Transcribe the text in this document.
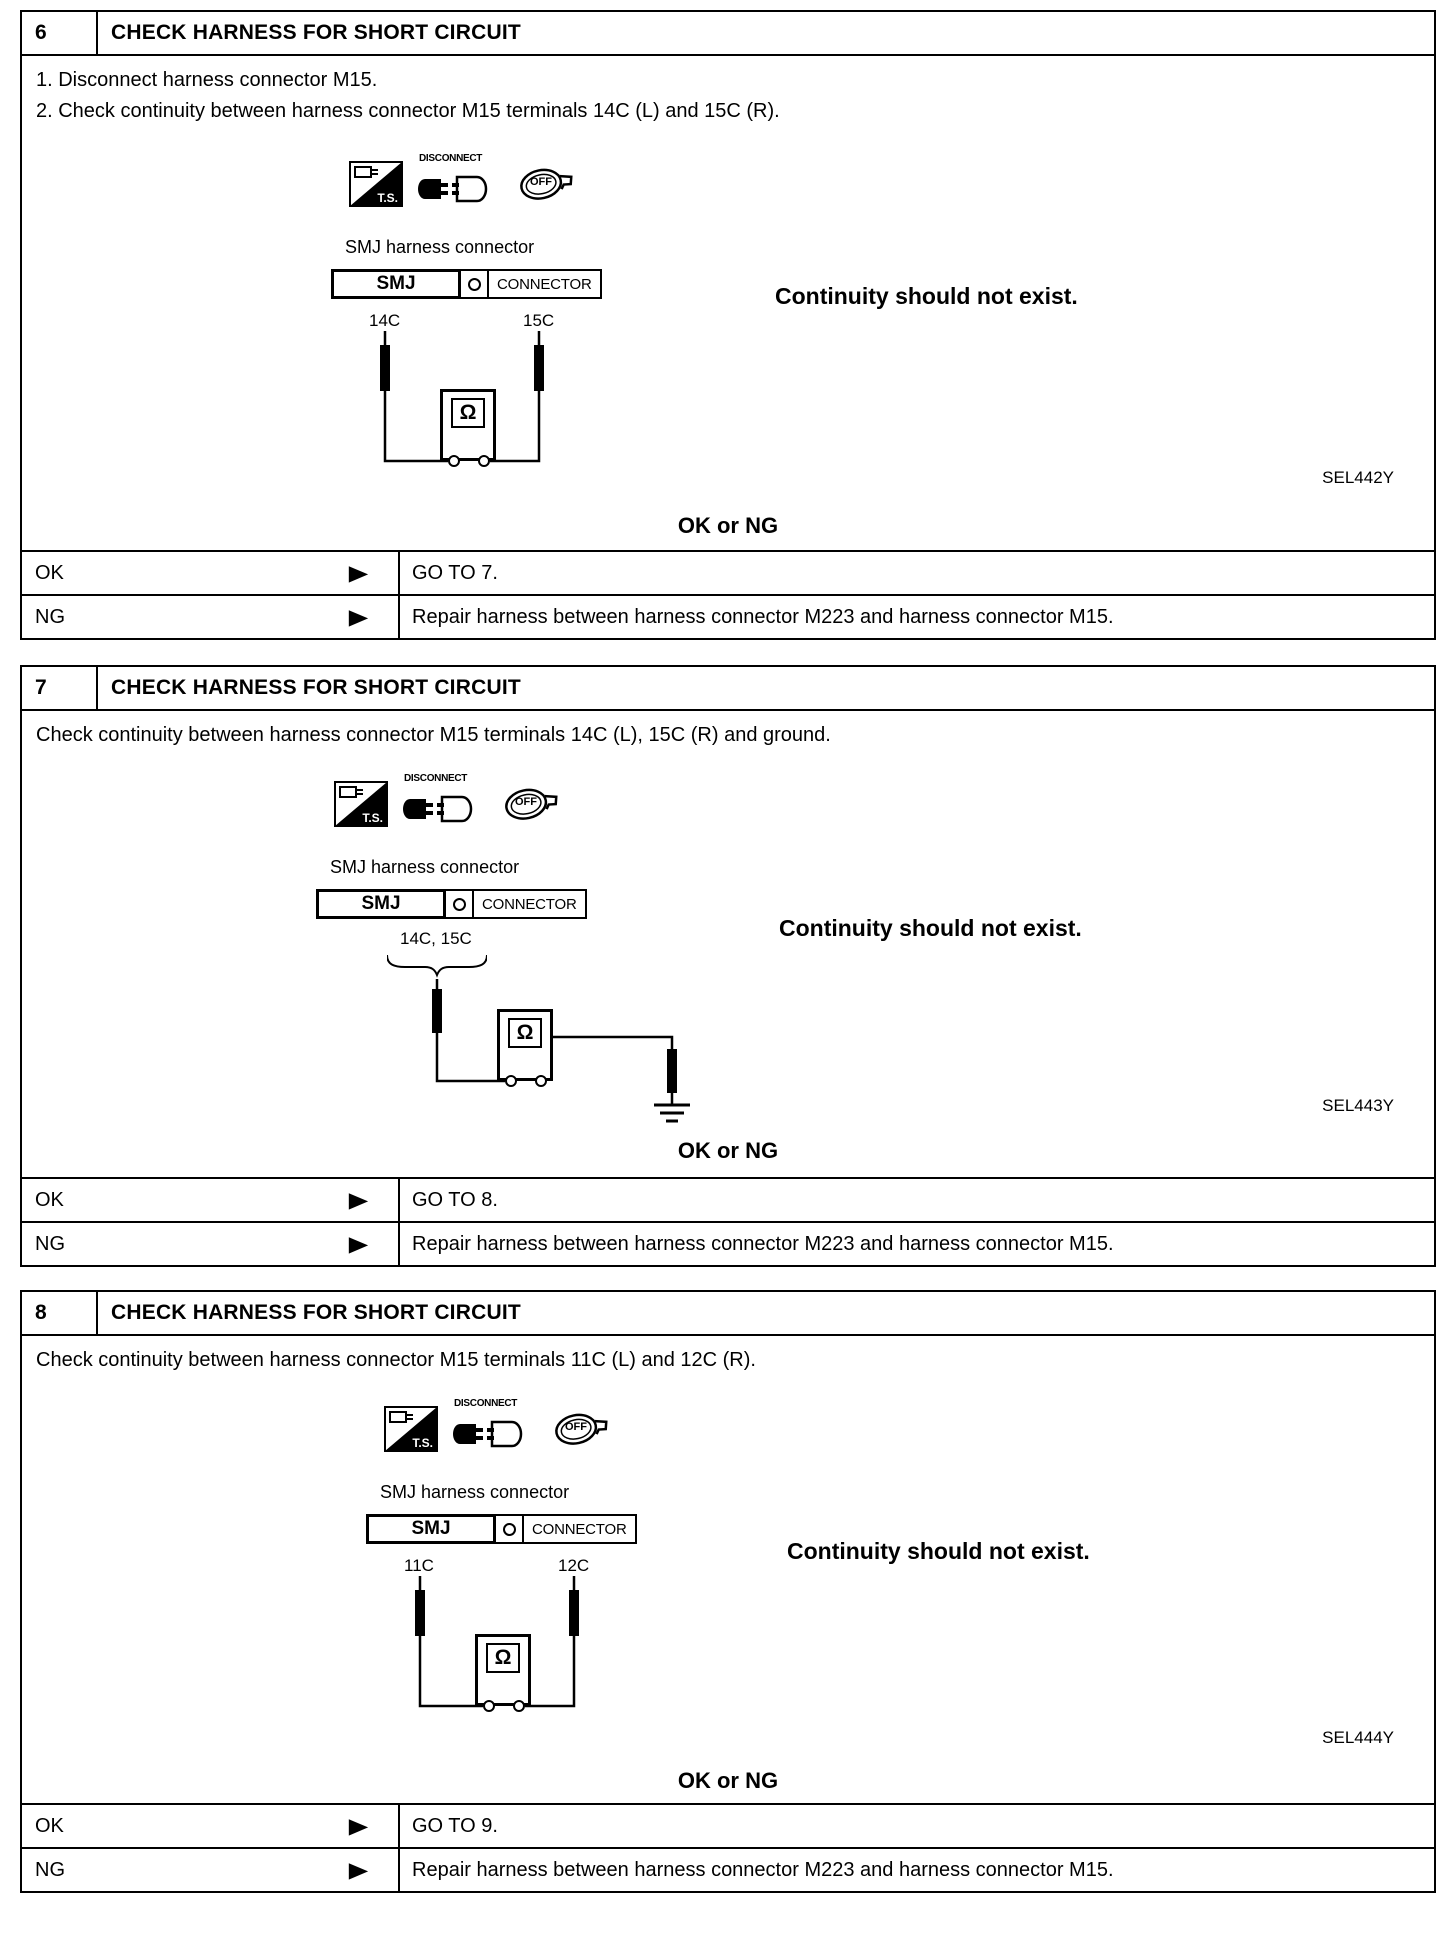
6	CHECK HARNESS FOR SHORT CIRCUIT
1. Disconnect harness connector M15.
2. Check continuity between harness connector M15 terminals 14C (L) and 15C (R).
T.S.
DISCONNECT
OFF
SMJ harness connector
SMJ	CONNECTOR
14C	15C
Ω
Continuity should not exist.
SEL442Y
OK or NG
OK	▶	GO TO 7.
NG	▶	Repair harness between harness connector M223 and harness connector M15.
7	CHECK HARNESS FOR SHORT CIRCUIT
Check continuity between harness connector M15 terminals 14C (L), 15C (R) and ground.
T.S.
DISCONNECT
OFF
SMJ harness connector
SMJ	CONNECTOR
14C, 15C
Ω
Continuity should not exist.
SEL443Y
OK or NG
OK	▶	GO TO 8.
NG	▶	Repair harness between harness connector M223 and harness connector M15.
8	CHECK HARNESS FOR SHORT CIRCUIT
Check continuity between harness connector M15 terminals 11C (L) and 12C (R).
T.S.
DISCONNECT
OFF
SMJ harness connector
SMJ	CONNECTOR
11C	12C
Ω
Continuity should not exist.
SEL444Y
OK or NG
OK	▶	GO TO 9.
NG	▶	Repair harness between harness connector M223 and harness connector M15.
